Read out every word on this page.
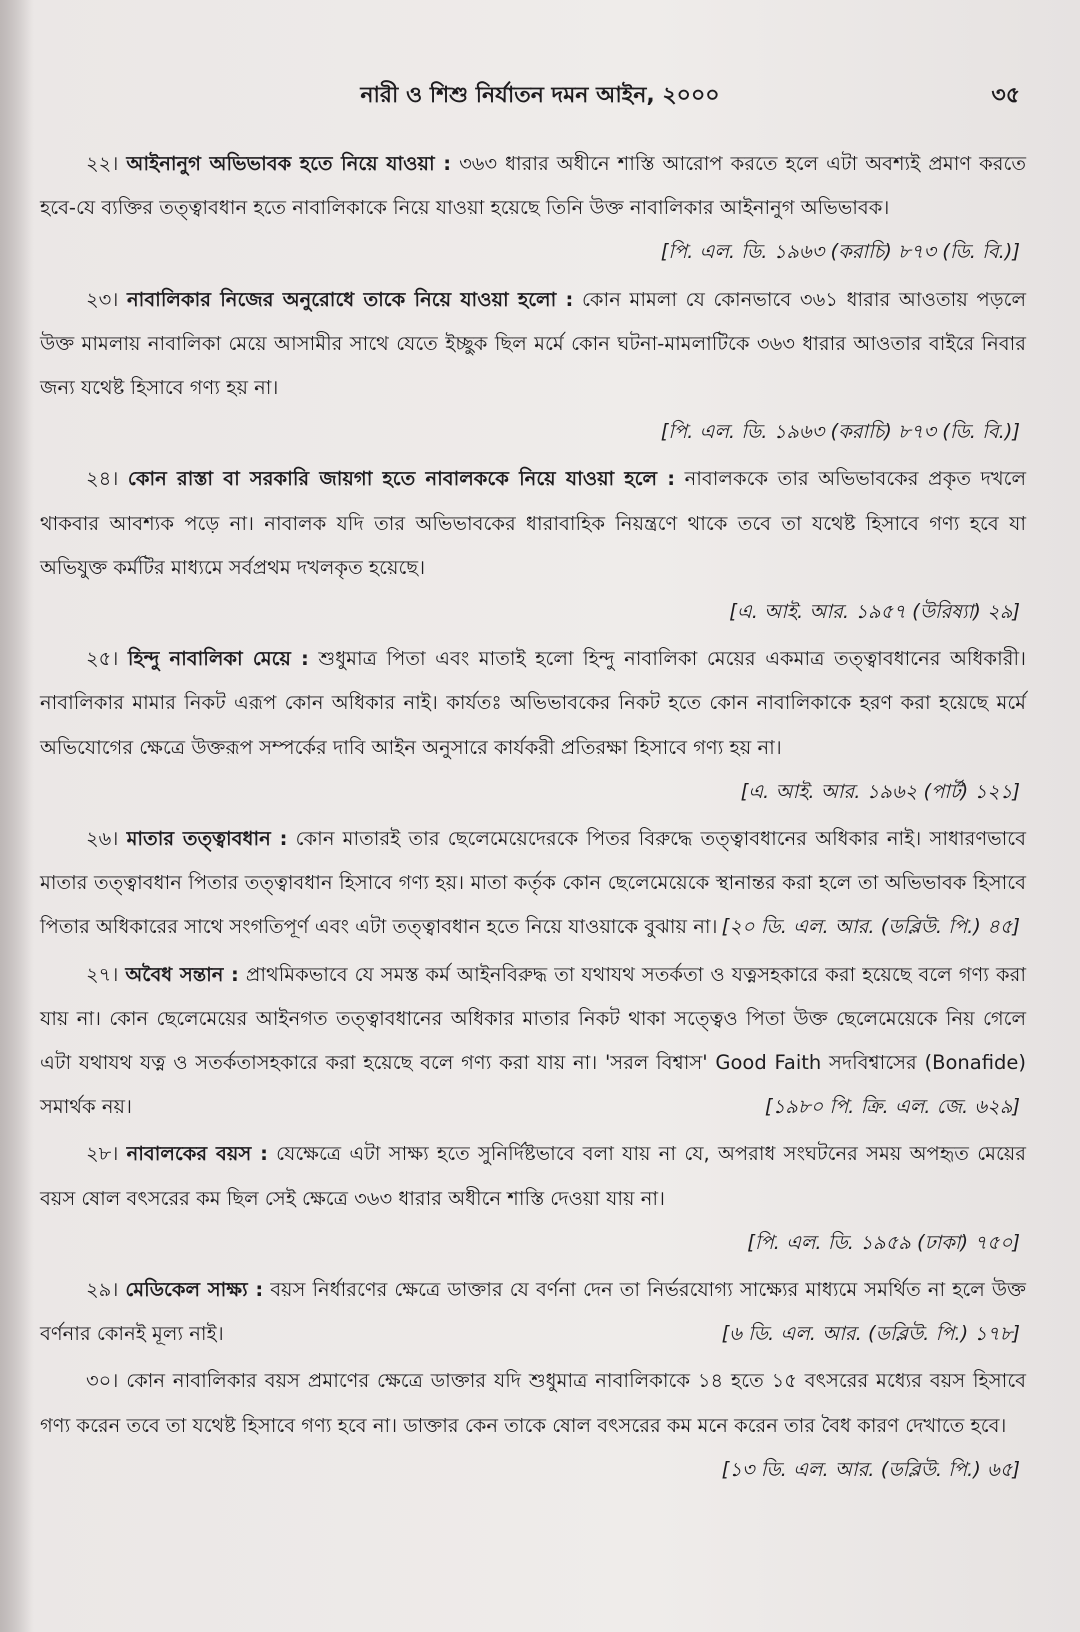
নারী ও শিশু নির্যাতন দমন আইন, ২০০০	৩৫

২২। আইনানুগ অভিভাবক হতে নিয়ে যাওয়া : ৩৬৩ ধারার অধীনে শাস্তি আরোপ করতে হলে এটা অবশ্যই প্রমাণ করতে হবে-যে ব্যক্তির তত্ত্বাবধান হতে নাবালিকাকে নিয়ে যাওয়া হয়েছে তিনি উক্ত নাবালিকার আইনানুগ অভিভাবক।
[পি. এল. ডি. ১৯৬৩ (করাচি) ৮৭৩ (ডি. বি.)]

২৩। নাবালিকার নিজের অনুরোধে তাকে নিয়ে যাওয়া হলো : কোন মামলা যে কোনভাবে ৩৬১ ধারার আওতায় পড়লে উক্ত মামলায় নাবালিকা মেয়ে আসামীর সাথে যেতে ইচ্ছুক ছিল মর্মে কোন ঘটনা-মামলাটিকে ৩৬৩ ধারার আওতার বাইরে নিবার জন্য যথেষ্ট হিসাবে গণ্য হয় না।
[পি. এল. ডি. ১৯৬৩ (করাচি) ৮৭৩ (ডি. বি.)]

২৪। কোন রাস্তা বা সরকারি জায়গা হতে নাবালককে নিয়ে যাওয়া হলে : নাবালককে তার অভিভাবকের প্রকৃত দখলে থাকবার আবশ্যক পড়ে না। নাবালক যদি তার অভিভাবকের ধারাবাহিক নিয়ন্ত্রণে থাকে তবে তা যথেষ্ট হিসাবে গণ্য হবে যা অভিযুক্ত কর্মটির মাধ্যমে সর্বপ্রথম দখলকৃত হয়েছে।
[এ. আই. আর. ১৯৫৭ (উরিষ্যা) ২৯]

২৫। হিন্দু নাবালিকা মেয়ে : শুধুমাত্র পিতা এবং মাতাই হলো হিন্দু নাবালিকা মেয়ের একমাত্র তত্ত্বাবধানের অধিকারী। নাবালিকার মামার নিকট এরূপ কোন অধিকার নাই। কার্যতঃ অভিভাবকের নিকট হতে কোন নাবালিকাকে হরণ করা হয়েছে মর্মে অভিযোগের ক্ষেত্রে উক্তরূপ সম্পর্কের দাবি আইন অনুসারে কার্যকরী প্রতিরক্ষা হিসাবে গণ্য হয় না।
[এ. আই. আর. ১৯৬২ (পার্ট) ১২১]

২৬। মাতার তত্ত্বাবধান : কোন মাতারই তার ছেলেমেয়েদেরকে পিতর বিরুদ্ধে তত্ত্বাবধানের অধিকার নাই। সাধারণভাবে মাতার তত্ত্বাবধান পিতার তত্ত্বাবধান হিসাবে গণ্য হয়। মাতা কর্তৃক কোন ছেলেমেয়েকে স্থানান্তর করা হলে তা অভিভাবক হিসাবে পিতার অধিকারের সাথে সংগতিপূর্ণ এবং এটা তত্ত্বাবধান হতে নিয়ে যাওয়াকে বুঝায় না। [২০ ডি. এল. আর. (ডব্লিউ. পি.) ৪৫]

২৭। অবৈধ সন্তান : প্রাথমিকভাবে যে সমস্ত কর্ম আইনবিরুদ্ধ তা যথাযথ সতর্কতা ও যত্নসহকারে করা হয়েছে বলে গণ্য করা যায় না। কোন ছেলেমেয়ের আইনগত তত্ত্বাবধানের অধিকার মাতার নিকট থাকা সত্ত্বেও পিতা উক্ত ছেলেমেয়েকে নিয় গেলে এটা যথাযথ যত্ন ও সতর্কতাসহকারে করা হয়েছে বলে গণ্য করা যায় না। 'সরল বিশ্বাস' Good Faith সদবিশ্বাসের (Bonafide) সমার্থক নয়।	[১৯৮০ পি. ক্রি. এল. জে. ৬২৯]

২৮। নাবালকের বয়স : যেক্ষেত্রে এটা সাক্ষ্য হতে সুনির্দিষ্টভাবে বলা যায় না যে, অপরাধ সংঘটনের সময় অপহৃত মেয়ের বয়স ষোল বৎসরের কম ছিল সেই ক্ষেত্রে ৩৬৩ ধারার অধীনে শাস্তি দেওয়া যায় না।
[পি. এল. ডি. ১৯৫৯ (ঢাকা) ৭৫০]

২৯। মেডিকেল সাক্ষ্য : বয়স নির্ধারণের ক্ষেত্রে ডাক্তার যে বর্ণনা দেন তা নির্ভরযোগ্য সাক্ষ্যের মাধ্যমে সমর্থিত না হলে উক্ত বর্ণনার কোনই মূল্য নাই।	[৬ ডি. এল. আর. (ডব্লিউ. পি.) ১৭৮]

৩০। কোন নাবালিকার বয়স প্রমাণের ক্ষেত্রে ডাক্তার যদি শুধুমাত্র নাবালিকাকে ১৪ হতে ১৫ বৎসরের মধ্যের বয়স হিসাবে গণ্য করেন তবে তা যথেষ্ট হিসাবে গণ্য হবে না। ডাক্তার কেন তাকে ষোল বৎসরের কম মনে করেন তার বৈধ কারণ দেখাতে হবে।
[১৩ ডি. এল. আর. (ডব্লিউ. পি.) ৬৫]
